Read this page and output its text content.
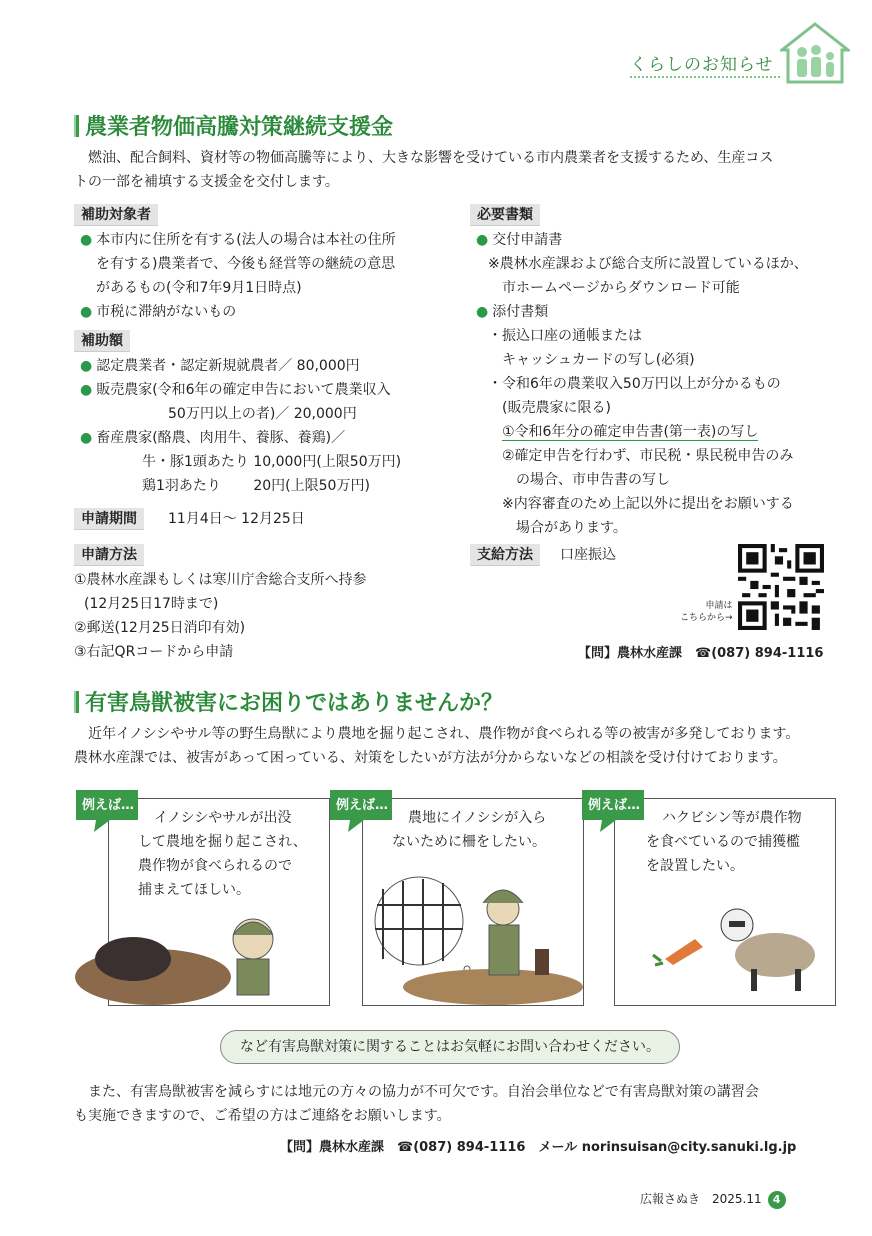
くらしのお知らせ
農業者物価高騰対策継続支援金
燃油、配合飼料、資材等の物価高騰等により、大きな影響を受けている市内農業者を支援するため、生産コス
トの一部を補填する支援金を交付します。
補助対象者
● 本市内に住所を有する(法人の場合は本社の住所
を有する)農業者で、今後も経営等の継続の意思
があるもの(令和7年9月1日時点)
● 市税に滞納がないもの
補助額
● 認定農業者・認定新規就農者／ 80,000円
● 販売農家(令和6年の確定申告において農業収入
50万円以上の者)／ 20,000円
● 畜産農家(酪農、肉用牛、養豚、養鶏)／
牛・豚1頭あたり 10,000円(上限50万円)
鶏1羽あたり　　 20円(上限50万円)
申請期間	11月4日～ 12月25日
申請方法
①農林水産課もしくは寒川庁舎総合支所へ持参
(12月25日17時まで)
②郵送(12月25日消印有効)
③右記QRコードから申請
必要書類
● 交付申請書
※農林水産課および総合支所に設置しているほか、
市ホームページからダウンロード可能
● 添付書類
・振込口座の通帳または
キャッシュカードの写し(必須)
・令和6年の農業収入50万円以上が分かるもの
(販売農家に限る)
①令和6年分の確定申告書(第一表)の写し
②確定申告を行わず、市民税・県民税申告のみ
の場合、市申告書の写し
※内容審査のため上記以外に提出をお願いする
場合があります。
支給方法	口座振込
申請は
こちらから→
【問】農林水産課　☎(087) 894-1116
有害鳥獣被害にお困りではありませんか？
近年イノシシやサル等の野生鳥獣により農地を掘り起こされ、農作物が食べられる等の被害が多発しております。
農林水産課では、被害があって困っている、対策をしたいが方法が分からないなどの相談を受け付けております。
例えば…
イノシシやサルが出没
して農地を掘り起こされ、
農作物が食べられるので
捕まえてほしい。
例えば…
農地にイノシシが入ら
ないために柵をしたい。
例えば…
ハクビシン等が農作物
を食べているので捕獲檻
を設置したい。
など有害鳥獣対策に関することはお気軽にお問い合わせください。
また、有害鳥獣被害を減らすには地元の方々の協力が不可欠です。自治会単位などで有害鳥獣対策の講習会
も実施できますので、ご希望の方はご連絡をお願いします。
【問】農林水産課　☎(087) 894-1116　メール norinsuisan@city.sanuki.lg.jp
広報さぬき　2025.11 4
